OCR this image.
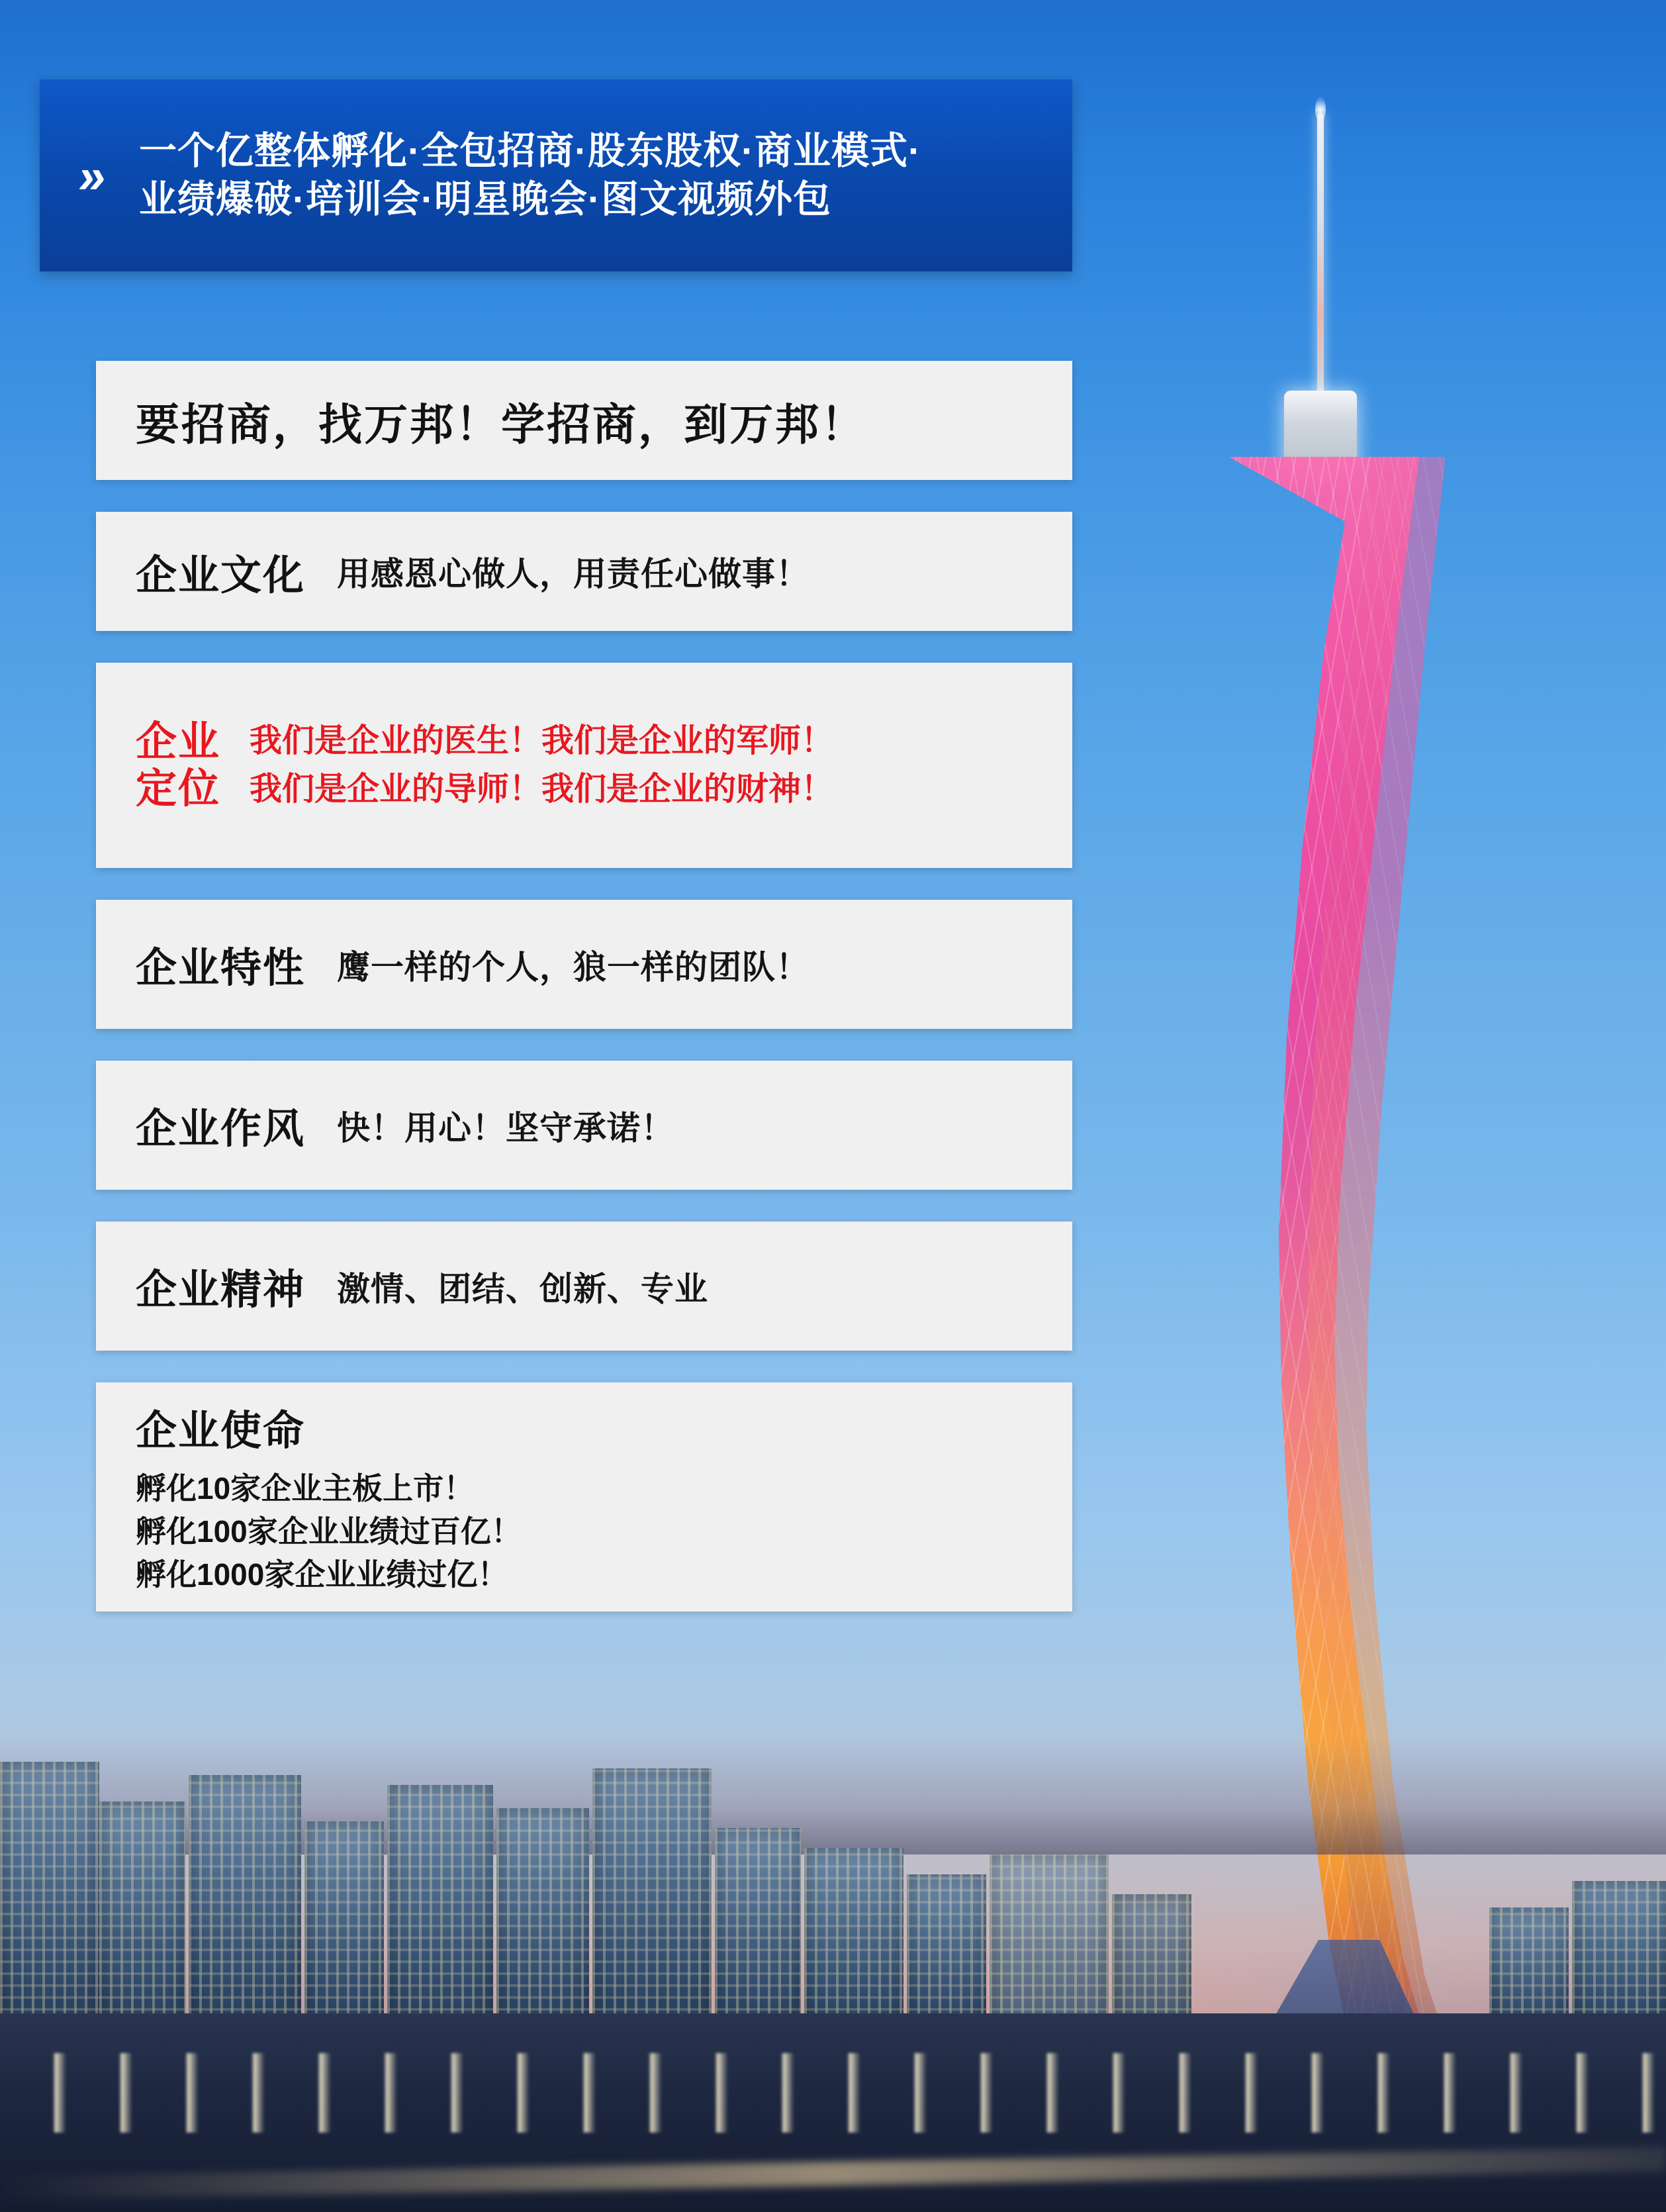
» 一个亿整体孵化·全包招商·股东股权·商业模式·
业绩爆破·培训会·明星晚会·图文视频外包
要招商，找万邦！学招商，到万邦！
企业文化 用感恩心做人，用责任心做事！
企业
定位
我们是企业的医生！我们是企业的军师！
我们是企业的导师！我们是企业的财神！
企业特性 鹰一样的个人，狼一样的团队！
企业作风 快！用心！坚守承诺！
企业精神 激情、团结、创新、专业
企业使命
孵化10家企业主板上市！
孵化100家企业业绩过百亿！
孵化1000家企业业绩过亿！
